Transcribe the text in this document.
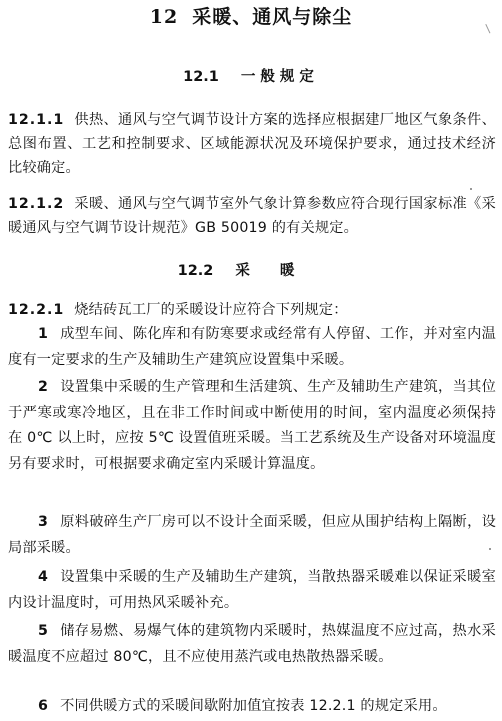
12 采暖、通风与除尘
12.1 一般规定
12.1.1 供热、通风与空气调节设计方案的选择应根据建厂地区气象条件、总图布置、工艺和控制要求、区域能源状况及环境保护要求，通过技术经济比较确定。
12.1.2 采暖、通风与空气调节室外气象计算参数应符合现行国家标准《采暖通风与空气调节设计规范》GB 50019 的有关规定。
12.2 采暖
12.2.1 烧结砖瓦工厂的采暖设计应符合下列规定：
1 成型车间、陈化库和有防寒要求或经常有人停留、工作，并对室内温度有一定要求的生产及辅助生产建筑应设置集中采暖。
2 设置集中采暖的生产管理和生活建筑、生产及辅助生产建筑，当其位于严寒或寒冷地区，且在非工作时间或中断使用的时间，室内温度必须保持在 0℃ 以上时，应按 5℃ 设置值班采暖。当工艺系统及生产设备对环境温度另有要求时，可根据要求确定室内采暖计算温度。
3 原料破碎生产厂房可以不设计全面采暖，但应从围护结构上隔断，设局部采暖。
4 设置集中采暖的生产及辅助生产建筑，当散热器采暖难以保证采暖室内设计温度时，可用热风采暖补充。
5 储存易燃、易爆气体的建筑物内采暖时，热媒温度不应过高，热水采暖温度不应超过 80℃，且不应使用蒸汽或电热散热器采暖。
6 不同供暖方式的采暖间歇附加值宜按表 12.2.1 的规定采用。
